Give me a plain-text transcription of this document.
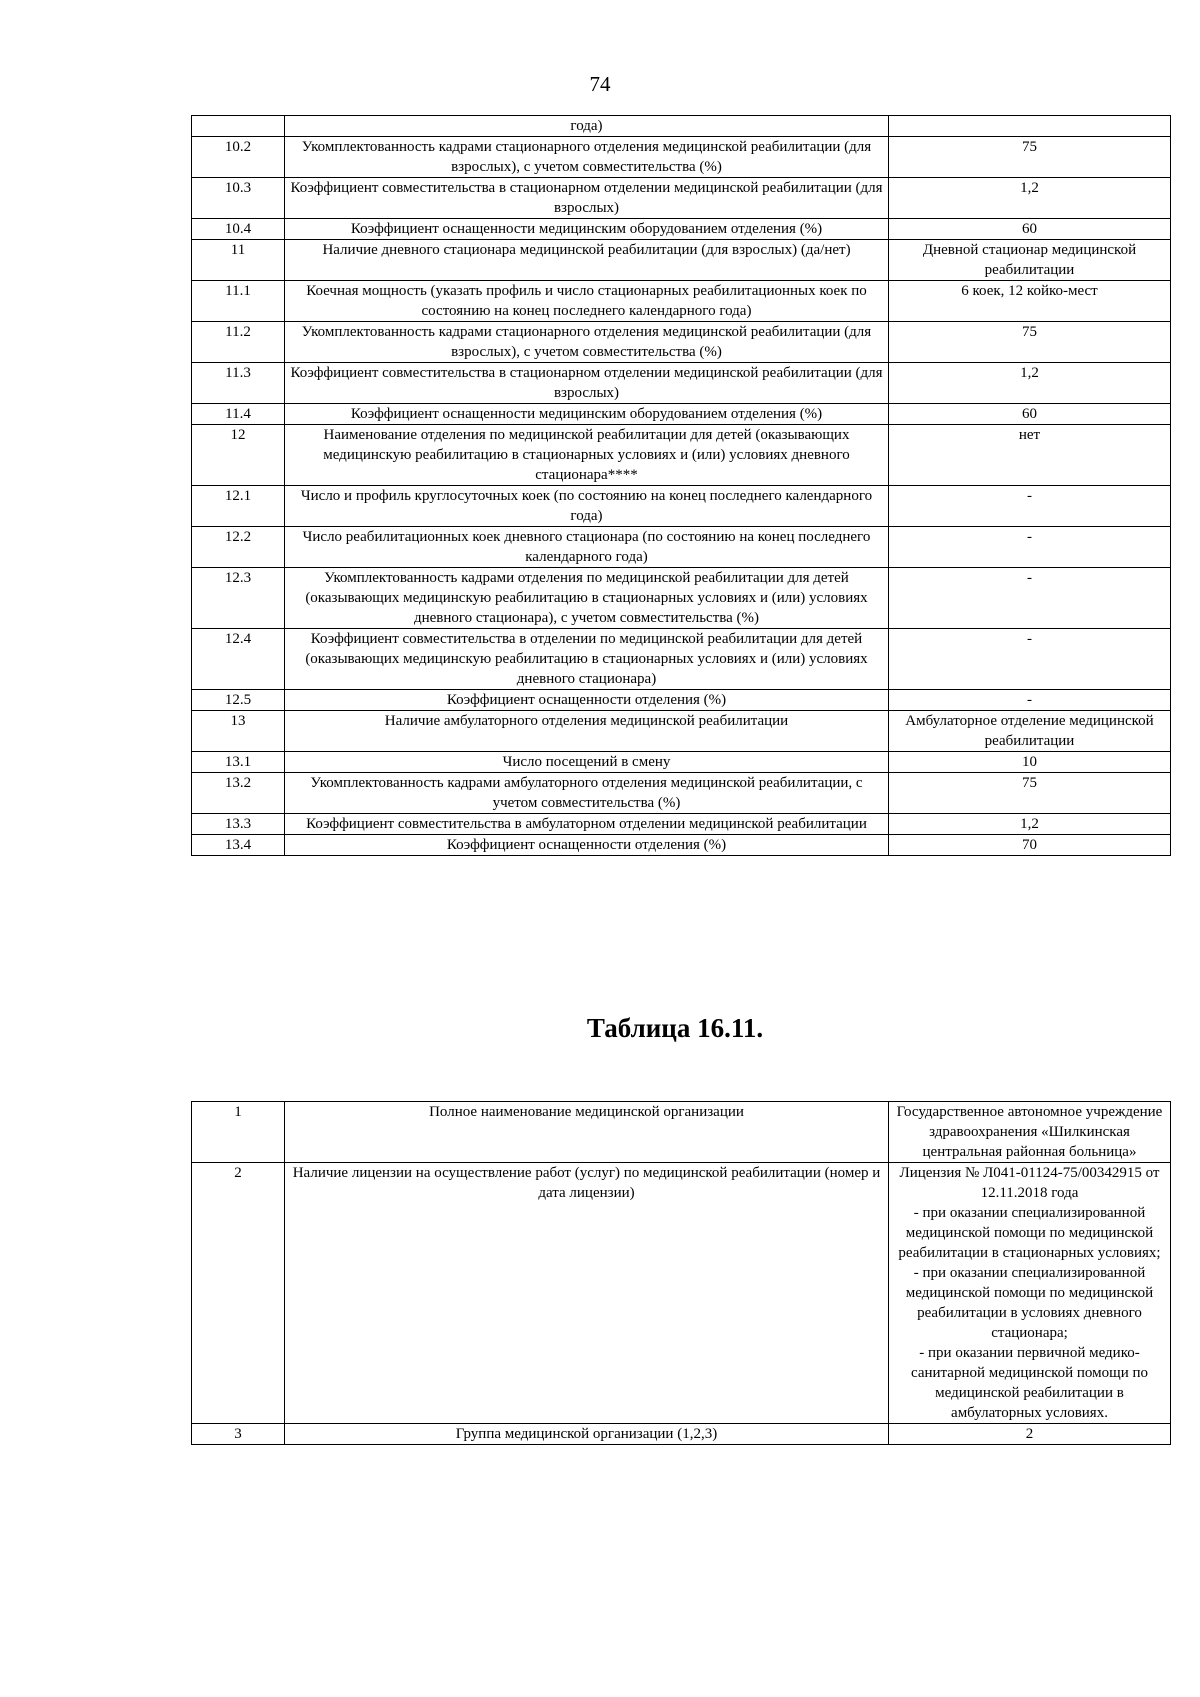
74
	года)	
10.2	Укомплектованность кадрами стационарного отделения медицинской реабилитации (для взрослых), с учетом совместительства (%)	75
10.3	Коэффициент совместительства в стационарном отделении медицинской реабилитации (для взрослых)	1,2
10.4	Коэффициент оснащенности медицинским оборудованием отделения (%)	60
11	Наличие дневного стационара медицинской реабилитации (для взрослых) (да/нет)	Дневной стационар медицинской реабилитации
11.1	Коечная мощность (указать профиль и число стационарных реабилитационных коек по состоянию на конец последнего календарного года)	6 коек, 12 койко-мест
11.2	Укомплектованность кадрами стационарного отделения медицинской реабилитации (для взрослых), с учетом совместительства (%)	75
11.3	Коэффициент совместительства в стационарном отделении медицинской реабилитации (для взрослых)	1,2
11.4	Коэффициент оснащенности медицинским оборудованием отделения (%)	60
12	Наименование отделения по медицинской реабилитации для детей (оказывающих медицинскую реабилитацию в стационарных условиях и (или) условиях дневного стационара****	нет
12.1	Число и профиль круглосуточных коек (по состоянию на конец последнего календарного года)	-
12.2	Число реабилитационных коек дневного стационара (по состоянию на конец последнего календарного года)	-
12.3	Укомплектованность кадрами отделения по медицинской реабилитации для детей (оказывающих медицинскую реабилитацию в стационарных условиях и (или) условиях дневного стационара), с учетом совместительства (%)	-
12.4	Коэффициент совместительства в отделении по медицинской реабилитации для детей (оказывающих медицинскую реабилитацию в стационарных условиях и (или) условиях дневного стационара)	-
12.5	Коэффициент оснащенности отделения (%)	-
13	Наличие амбулаторного отделения медицинской реабилитации	Амбулаторное отделение медицинской реабилитации
13.1	Число посещений в смену	10
13.2	Укомплектованность кадрами амбулаторного отделения медицинской реабилитации, с учетом совместительства (%)	75
13.3	Коэффициент совместительства в амбулаторном отделении медицинской реабилитации	1,2
13.4	Коэффициент оснащенности отделения (%)	70
Таблица 16.11.
1	Полное наименование медицинской организации	Государственное автономное учреждение здравоохранения «Шилкинская центральная районная больница»
2	Наличие лицензии на осуществление работ (услуг) по медицинской реабилитации (номер и дата лицензии)	Лицензия № Л041-01124-75/00342915 от 12.11.2018 года
- при оказании специализированной медицинской помощи по медицинской реабилитации в стационарных условиях;
- при оказании специализированной медицинской помощи по медицинской реабилитации в условиях дневного стационара;
- при оказании первичной медико-санитарной медицинской помощи по медицинской реабилитации в амбулаторных условиях.

3	Группа медицинской организации (1,2,3)	2
